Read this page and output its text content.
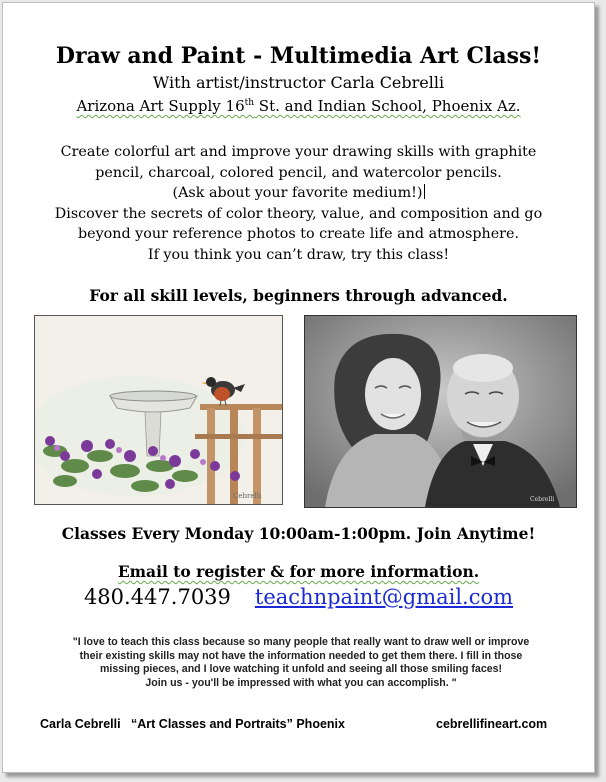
Draw and Paint - Multimedia Art Class!
With artist/instructor Carla Cebrelli
Arizona Art Supply 16th St. and Indian School, Phoenix Az.
Create colorful art and improve your drawing skills with graphite
pencil, charcoal, colored pencil, and watercolor pencils.
(Ask about your favorite medium!)
Discover the secrets of color theory, value, and composition and go
beyond your reference photos to create life and atmosphere.
If you think you can’t draw, try this class!
For all skill levels, beginners through advanced.
Cebrelli	Cebrelli
Classes Every Monday 10:00am-1:00pm. Join Anytime!
Email to register & for more information.
480.447.7039 teachnpaint@gmail.com
"I love to teach this class because so many people that really want to draw well or improve
their existing skills may not have the information needed to get them there. I fill in those
missing pieces, and I love watching it unfold and seeing all those smiling faces!
Join us - you'll be impressed with what you can accomplish. "
Carla Cebrelli   “Art Classes and Portraits” Phoenix	cebrellifineart.com
